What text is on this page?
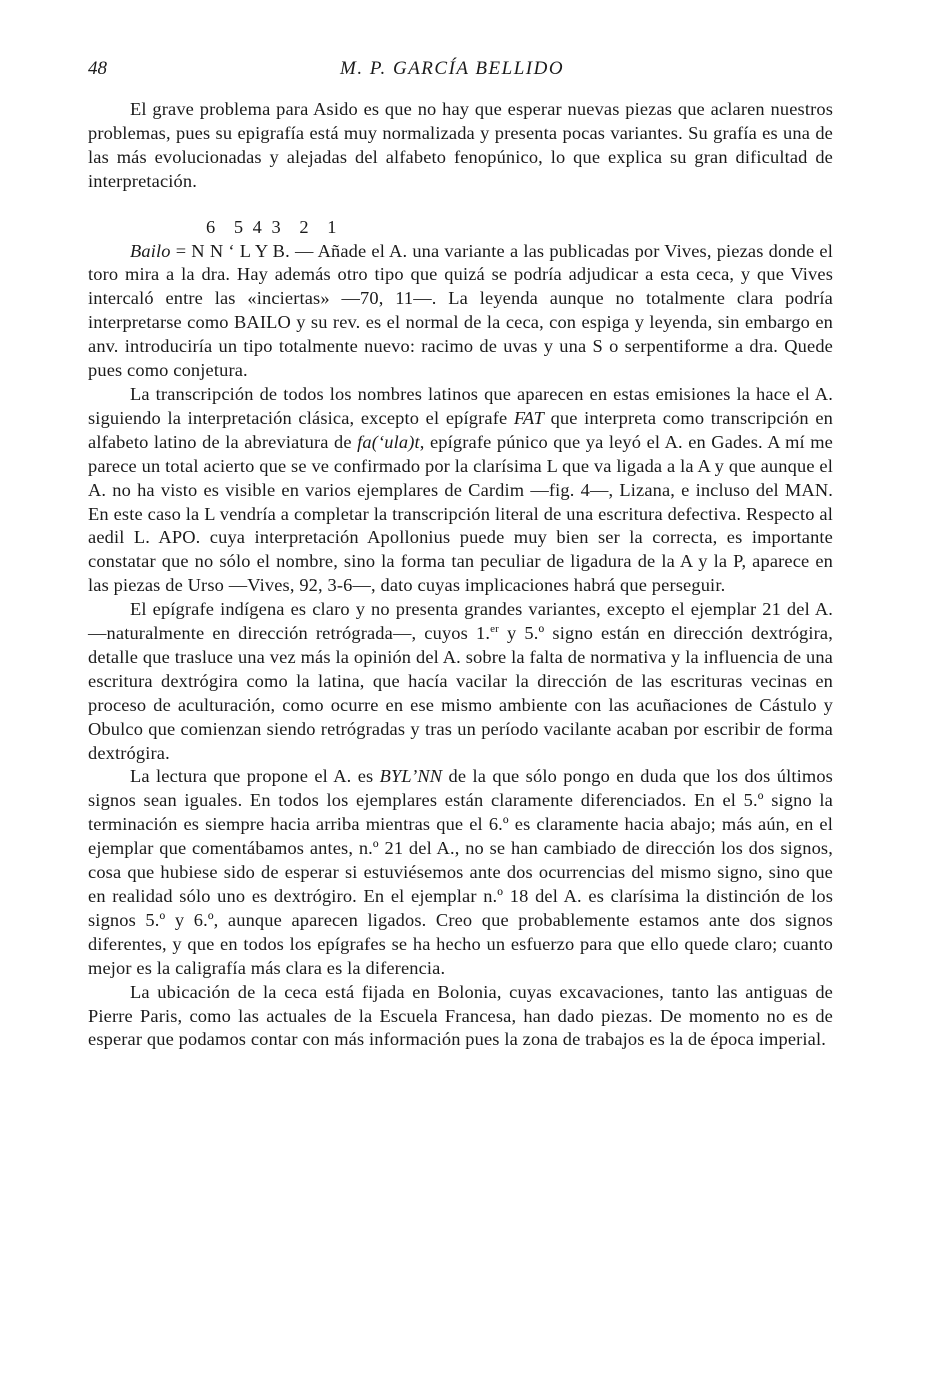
48	M. P. GARCÍA BELLIDO

El grave problema para Asido es que no hay que esperar nuevas piezas que aclaren nuestros problemas, pues su epigrafía está muy normalizada y presenta pocas variantes. Su grafía es una de las más evolucionadas y alejadas del alfabeto fenopúnico, lo que explica su gran dificultad de interpretación.

6  5 4 3  2  1

Bailo = N N ‘ L Y B. — Añade el A. una variante a las publicadas por Vives, piezas donde el toro mira a la dra. Hay además otro tipo que quizá se podría adjudicar a esta ceca, y que Vives intercaló entre las «inciertas» —70, 11—. La leyenda aunque no totalmente clara podría interpretarse como BAILO y su rev. es el normal de la ceca, con espiga y leyenda, sin embargo en anv. introduciría un tipo totalmente nuevo: racimo de uvas y una S o serpentiforme a dra. Quede pues como conjetura.

La transcripción de todos los nombres latinos que aparecen en estas emisiones la hace el A. siguiendo la interpretación clásica, excepto el epígrafe FAT que interpreta como transcripción en alfabeto latino de la abreviatura de fa(‘ula)t, epígrafe púnico que ya leyó el A. en Gades. A mí me parece un total acierto que se ve confirmado por la clarísima L que va ligada a la A y que aunque el A. no ha visto es visible en varios ejemplares de Cardim —fig. 4—, Lizana, e incluso del MAN. En este caso la L vendría a completar la transcripción literal de una escritura defectiva. Respecto al aedil L. APO. cuya interpretación Apollonius puede muy bien ser la correcta, es importante constatar que no sólo el nombre, sino la forma tan peculiar de ligadura de la A y la P, aparece en las piezas de Urso —Vives, 92, 3-6—, dato cuyas implicaciones habrá que perseguir.

El epígrafe indígena es claro y no presenta grandes variantes, excepto el ejemplar 21 del A. —naturalmente en dirección retrógrada—, cuyos 1.$^{er}$ y 5.º signo están en dirección dextrógira, detalle que trasluce una vez más la opinión del A. sobre la falta de normativa y la influencia de una escritura dextrógira como la latina, que hacía vacilar la dirección de las escrituras vecinas en proceso de aculturación, como ocurre en ese mismo ambiente con las acuñaciones de Cástulo y Obulco que comienzan siendo retrógradas y tras un período vacilante acaban por escribir de forma dextrógira.

La lectura que propone el A. es BYL’NN de la que sólo pongo en duda que los dos últimos signos sean iguales. En todos los ejemplares están claramente diferenciados. En el 5.º signo la terminación es siempre hacia arriba mientras que el 6.º es claramente hacia abajo; más aún, en el ejemplar que comentábamos antes, n.º 21 del A., no se han cambiado de dirección los dos signos, cosa que hubiese sido de esperar si estuviésemos ante dos ocurrencias del mismo signo, sino que en realidad sólo uno es dextrógiro. En el ejemplar n.º 18 del A. es clarísima la distinción de los signos 5.º y 6.º, aunque aparecen ligados. Creo que probablemente estamos ante dos signos diferentes, y que en todos los epígrafes se ha hecho un esfuerzo para que ello quede claro; cuanto mejor es la caligrafía más clara es la diferencia.

La ubicación de la ceca está fijada en Bolonia, cuyas excavaciones, tanto las antiguas de Pierre Paris, como las actuales de la Escuela Francesa, han dado piezas. De momento no es de esperar que podamos contar con más información pues la zona de trabajos es la de época imperial.
